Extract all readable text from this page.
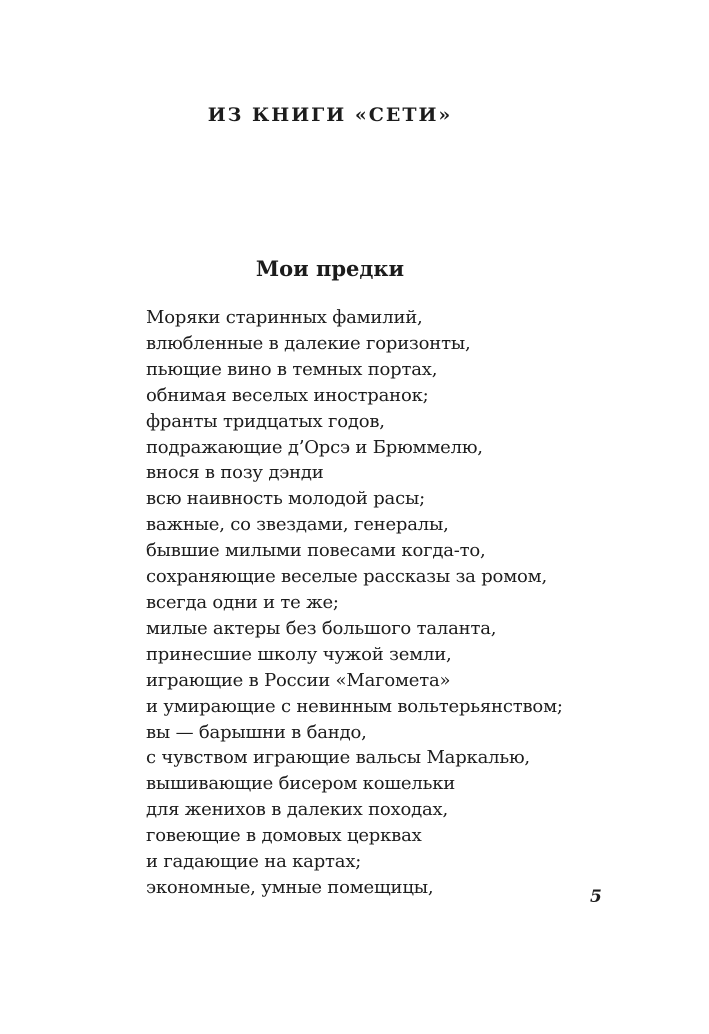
ИЗ КНИГИ «СЕТИ»
Мои предки
Моряки старинных фамилий,
влюбленные в далекие горизонты,
пьющие вино в темных портах,
обнимая веселых иностранок;
франты тридцатых годов,
подражающие д’Орсэ и Брюммелю,
внося в позу дэнди
всю наивность молодой расы;
важные, со звездами, генералы,
бывшие милыми повесами когда-то,
сохраняющие веселые рассказы за ромом,
всегда одни и те же;
милые актеры без большого таланта,
принесшие школу чужой земли,
играющие в России «Магомета»
и умирающие с невинным вольтерьянством;
вы — барышни в бандо,
с чувством играющие вальсы Маркалью,
вышивающие бисером кошельки
для женихов в далеких походах,
говеющие в домовых церквах
и гадающие на картах;
экономные, умные помещицы,	5
